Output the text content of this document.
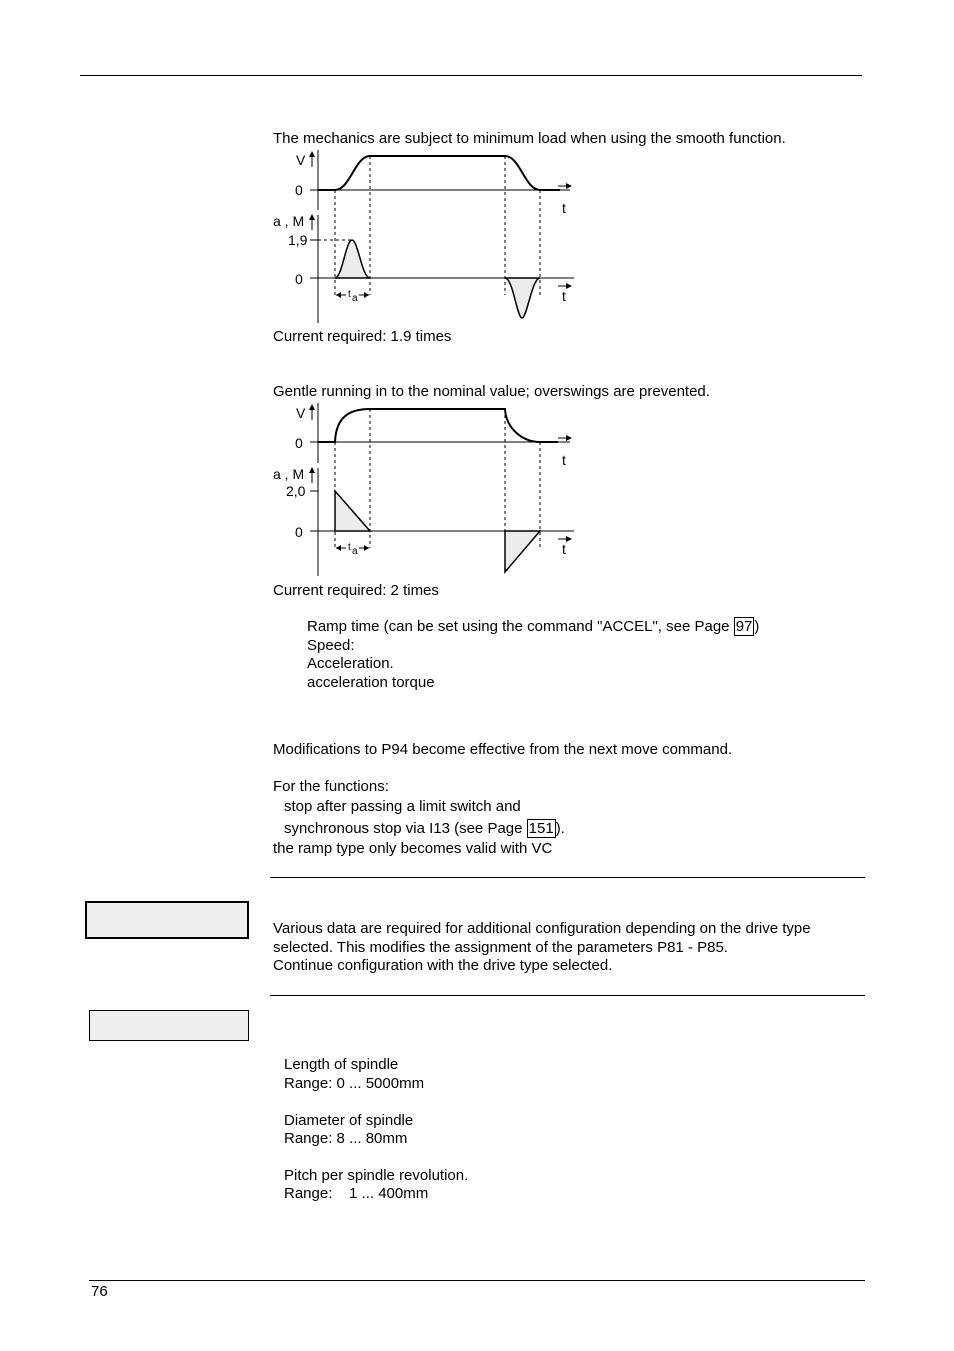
The mechanics are subject to minimum load when using the smooth function.
V
0
t
a , M
1,9
0
t
t a
Current required: 1.9 times
Gentle running in to the nominal value; overswings are prevented.
V
0
t
a , M
2,0
0
t
t a
Current required: 2 times
Ramp time (can be set using the command "ACCEL", see Page 97 )
Speed:
Acceleration.
acceleration torque
Modifications to P94 become effective from the next move command.
For the functions:
stop after passing a limit switch and
synchronous stop via I13 (see Page 151 ).
the ramp type only becomes valid with VC
Various data are required for additional configuration depending on the drive type
selected. This modifies the assignment of the parameters P81 - P85.
Continue configuration with the drive type selected.
Length of spindle
Range: 0 ... 5000mm
Diameter of spindle
Range: 8 ... 80mm
Pitch per spindle revolution.
Range:    1 ... 400mm
76
